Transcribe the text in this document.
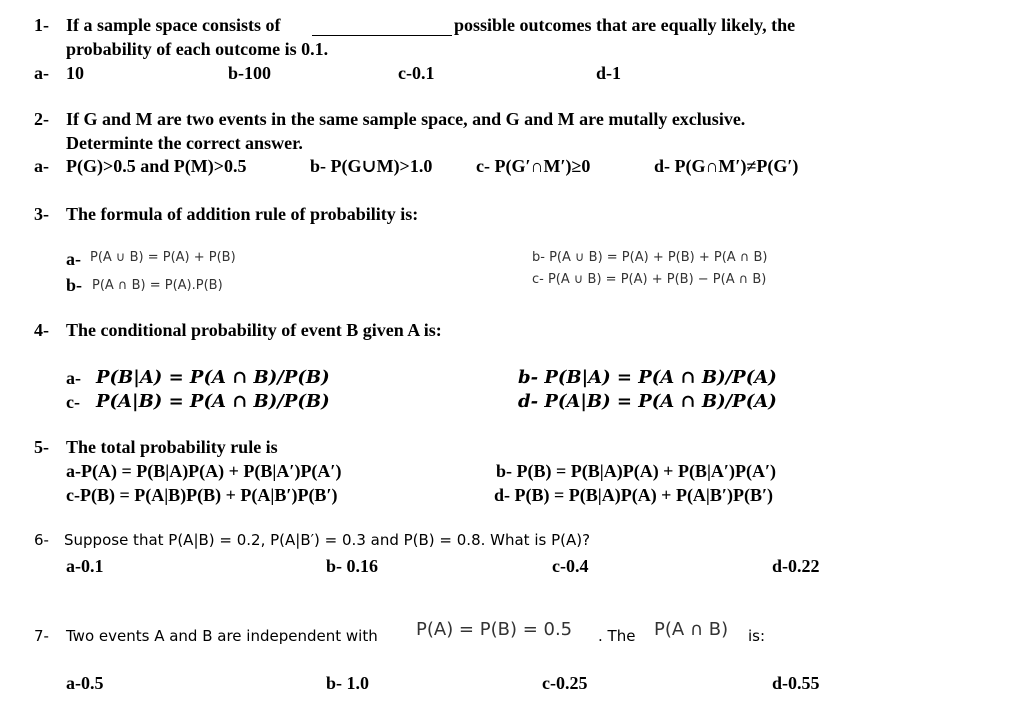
1- If a sample space consists of	possible outcomes that are equally likely, the
probability of each outcome is 0.1.
a- 10	b-100	c-0.1	d-1
2- If G and M are two events in the same sample space, and G and M are mutally exclusive.
Determinte the correct answer.
a- P(G)>0.5 and P(M)>0.5	b- P(G∪M)>1.0 c- P(G′∩M′)≥0	d- P(G∩M′)≠P(G′)
3- The formula of addition rule of probability is:
a- P(A ∪ B) = P(A) + P(B)
b- P(A ∩ B) = P(A).P(B)
b- P(A ∪ B) = P(A) + P(B) + P(A ∩ B)
c- P(A ∪ B) = P(A) + P(B) − P(A ∩ B)
4- The conditional probability of event B given A is:
a- P(B|A) = P(A ∩ B)/P(B)
c- P(A|B) = P(A ∩ B)/P(B)
b- P(B|A) = P(A ∩ B)/P(A)
d- P(A|B) = P(A ∩ B)/P(A)
5- The total probability rule is
a-P(A) = P(B|A)P(A) + P(B|A′)P(A′)
c-P(B) = P(A|B)P(B) + P(A|B′)P(B′)
b- P(B) = P(B|A)P(A) + P(B|A′)P(A′)
d- P(B) = P(B|A)P(A) + P(A|B′)P(B′)
6- Suppose that P(A|B) = 0.2, P(A|B′) = 0.3 and P(B) = 0.8. What is P(A)?
a-0.1	b- 0.16	c-0.4	d-0.22
7- Two events A and B are independent with P(A) = P(B) = 0.5 . The P(A ∩ B) is:
a-0.5	b- 1.0	c-0.25	d-0.55
